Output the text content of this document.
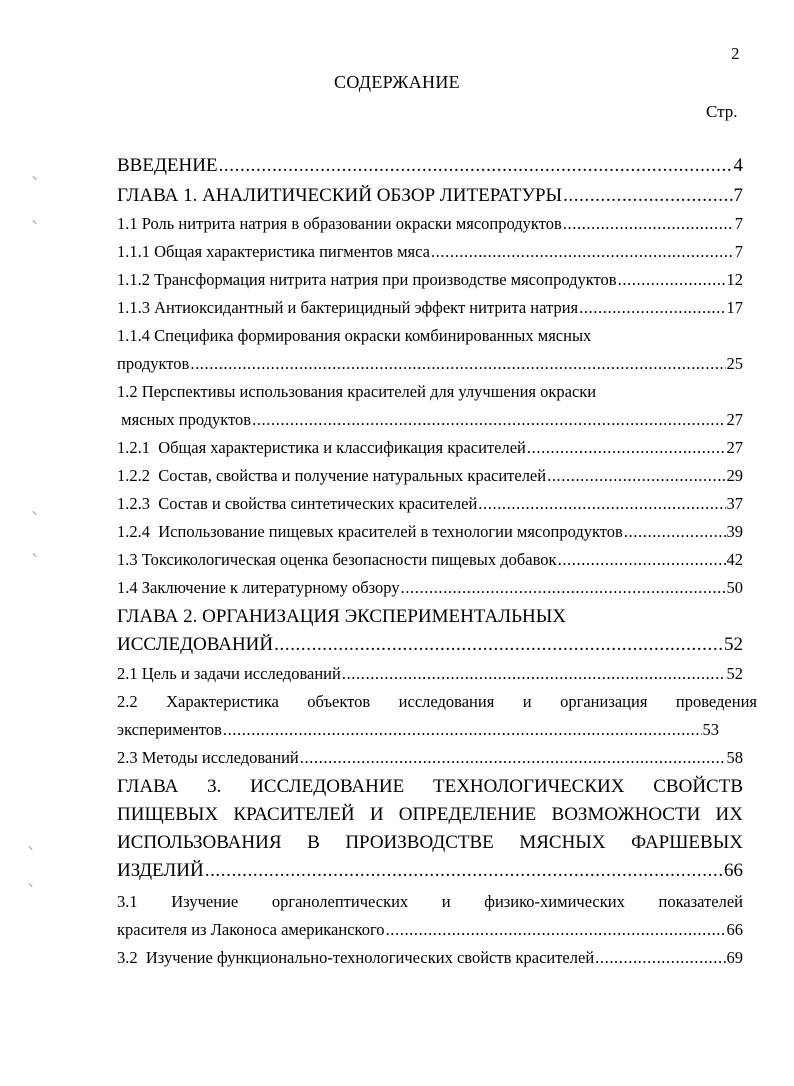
2
СОДЕРЖАНИЕ
Стр.
⸜
⸜
⸜
⸜
⸜
⸜
ВВЕДЕНИЕ .....	4
ГЛАВА 1. АНАЛИТИЧЕСКИЙ ОБЗОР ЛИТЕРАТУРЫ .....	7
1.1 Роль нитрита натрия в образовании окраски мясопродуктов .....	7
1.1.1 Общая характеристика пигментов мяса .....	7
1.1.2 Трансформация нитрита натрия при производстве мясопродуктов .....	12
1.1.3 Антиоксидантный и бактерицидный эффект нитрита натрия .....	17
1.1.4 Специфика формирования окраски комбинированных мясных
продуктов .....	25
1.2 Перспективы использования красителей для улучшения окраски
мясных продуктов .....	27
1.2.1  Общая характеристика и классификация красителей .....	27
1.2.2  Состав, свойства и получение натуральных красителей .....	29
1.2.3  Состав и свойства синтетических красителей .....	37
1.2.4  Использование пищевых красителей в технологии мясопродуктов .....	39
1.3 Токсикологическая оценка безопасности пищевых добавок .....	42
1.4 Заключение к литературному обзору .....	50
ГЛАВА 2. ОРГАНИЗАЦИЯ ЭКСПЕРИМЕНТАЛЬНЫХ
ИССЛЕДОВАНИЙ .....	52
2.1 Цель и задачи исследований .....	52
2.2 Характеристика объектов исследования и организация проведения
экспериментов .....	53
2.3 Методы исследований .....	58
ГЛАВА 3. ИССЛЕДОВАНИЕ ТЕХНОЛОГИЧЕСКИХ СВОЙСТВ
ПИЩЕВЫХ КРАСИТЕЛЕЙ И ОПРЕДЕЛЕНИЕ ВОЗМОЖНОСТИ ИХ
ИСПОЛЬЗОВАНИЯ В ПРОИЗВОДСТВЕ МЯСНЫХ ФАРШЕВЫХ
ИЗДЕЛИЙ .....	66
3.1 Изучение органолептических и физико-химических показателей
красителя из Лаконоса американского .....	66
3.2  Изучение функционально-технологических свойств красителей .....	69
